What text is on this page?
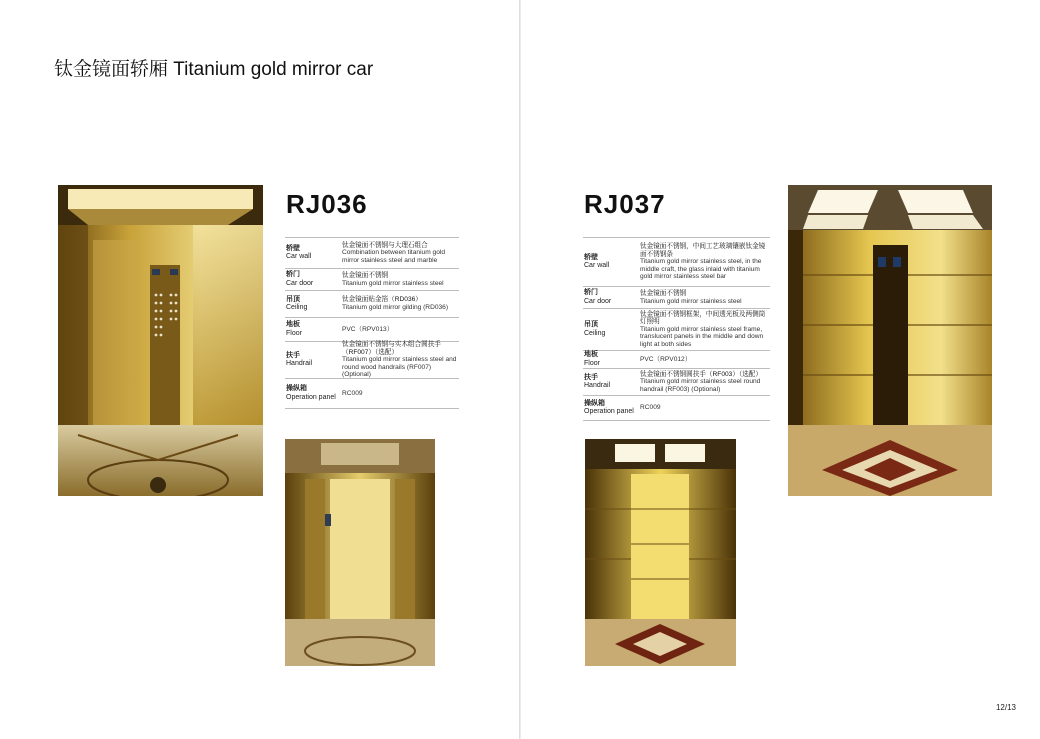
钛金镜面轿厢 Titanium gold mirror car
RJ036
轿壁
Car wall
钛金镜面不锈钢与大理石组合
Combination between titanium gold mirror stainless steel and marble
轿门
Car door
钛金镜面不锈钢
Titanium gold mirror stainless steel
吊顶
Ceiling
钛金镜面贴金箔（RD036）
Titanium gold mirror gilding (RD036)
地板
Floor
PVC（RPV013）
扶手
Handrail
钛金镜面不锈钢与实木组合圆扶手（RF007）（选配）
Titanium gold mirror stainless steel and round wood handrails (RF007) (Optional)
操纵箱
Operation panel
RC009
RJ037
轿壁
Car wall
钛金镜面不锈钢，中间工艺玻璃镶嵌钛金镜面不锈钢条
Titanium gold mirror stainless steel, in the middle craft, the glass inlaid with titanium gold mirror stainless steel bar
轿门
Car door
钛金镜面不锈钢
Titanium gold mirror stainless steel
吊顶
Ceiling
钛金镜面不锈钢框架，中间透光板及两侧筒灯照明
Titanium gold mirror stainless steel frame, translucent panels in the middle and down light at both sides
地板
Floor
PVC（RPV012）
扶手
Handrail
钛金镜面不锈钢圆扶手（RF003）（选配）
Titanium gold mirror stainless steel round handrail (RF003) (Optional)
操纵箱
Operation panel
RC009
12/13
